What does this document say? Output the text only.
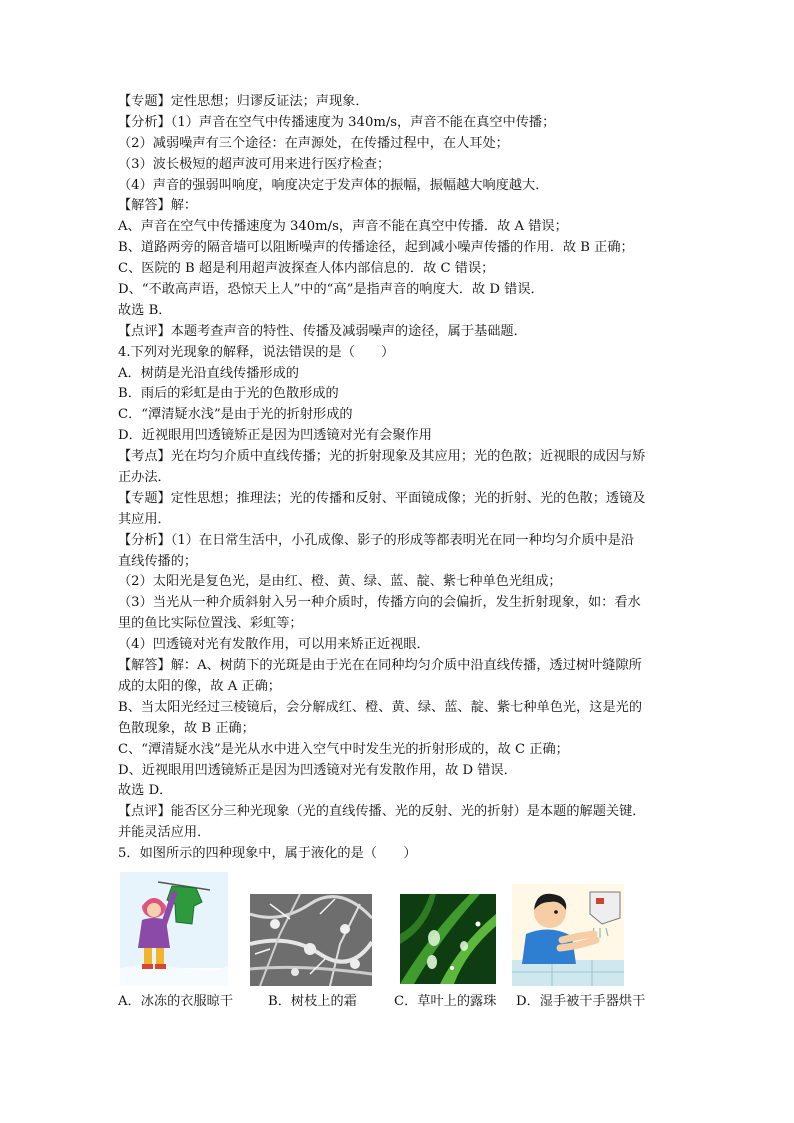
【专题】定性思想；归谬反证法；声现象．
【分析】（1）声音在空气中传播速度为 340m/s，声音不能在真空中传播；
（2）减弱噪声有三个途径：在声源处，在传播过程中，在人耳处；
（3）波长极短的超声波可用来进行医疗检查；
（4）声音的强弱叫响度，响度决定于发声体的振幅，振幅越大响度越大．
【解答】解：
A、声音在空气中传播速度为 340m/s，声音不能在真空中传播．故 A 错误；
B、道路两旁的隔音墙可以阻断噪声的传播途径，起到减小噪声传播的作用．故 B 正确；
C、医院的 B 超是利用超声波探查人体内部信息的．故 C 错误；
D、“不敢高声语，恐惊天上人”中的“高”是指声音的响度大．故 D 错误．
故选 B．
【点评】本题考查声音的特性、传播及减弱噪声的途径，属于基础题．
4.下列对光现象的解释，说法错误的是（　　）
A．树荫是光沿直线传播形成的
B．雨后的彩虹是由于光的色散形成的
C．“潭清疑水浅”是由于光的折射形成的
D．近视眼用凹透镜矫正是因为凹透镜对光有会聚作用
【考点】光在均匀介质中直线传播；光的折射现象及其应用；光的色散；近视眼的成因与矫
正办法．
【专题】定性思想；推理法；光的传播和反射、平面镜成像；光的折射、光的色散；透镜及
其应用．
【分析】（1）在日常生活中，小孔成像、影子的形成等都表明光在同一种均匀介质中是沿
直线传播的；
（2）太阳光是复色光，是由红、橙、黄、绿、蓝、靛、紫七种单色光组成；
（3）当光从一种介质斜射入另一种介质时，传播方向的会偏折，发生折射现象，如：看水
里的鱼比实际位置浅、彩虹等；
（4）凹透镜对光有发散作用，可以用来矫正近视眼．
【解答】解：A、树荫下的光斑是由于光在在同种均匀介质中沿直线传播，透过树叶缝隙所
成的太阳的像，故 A 正确；
B、当太阳光经过三棱镜后，会分解成红、橙、黄、绿、蓝、靛、紫七种单色光，这是光的
色散现象，故 B 正确；
C、“潭清疑水浅”是光从水中进入空气中时发生光的折射形成的，故 C 正确；
D、近视眼用凹透镜矫正是因为凹透镜对光有发散作用，故 D 错误．
故选 D．
【点评】能否区分三种光现象（光的直线传播、光的反射、光的折射）是本题的解题关键．
并能灵活应用．
5．如图所示的四种现象中，属于液化的是（　　）
A．冰冻的衣服晾干	B．树枝上的霜	C．草叶上的露珠 D．湿手被干手器烘干
